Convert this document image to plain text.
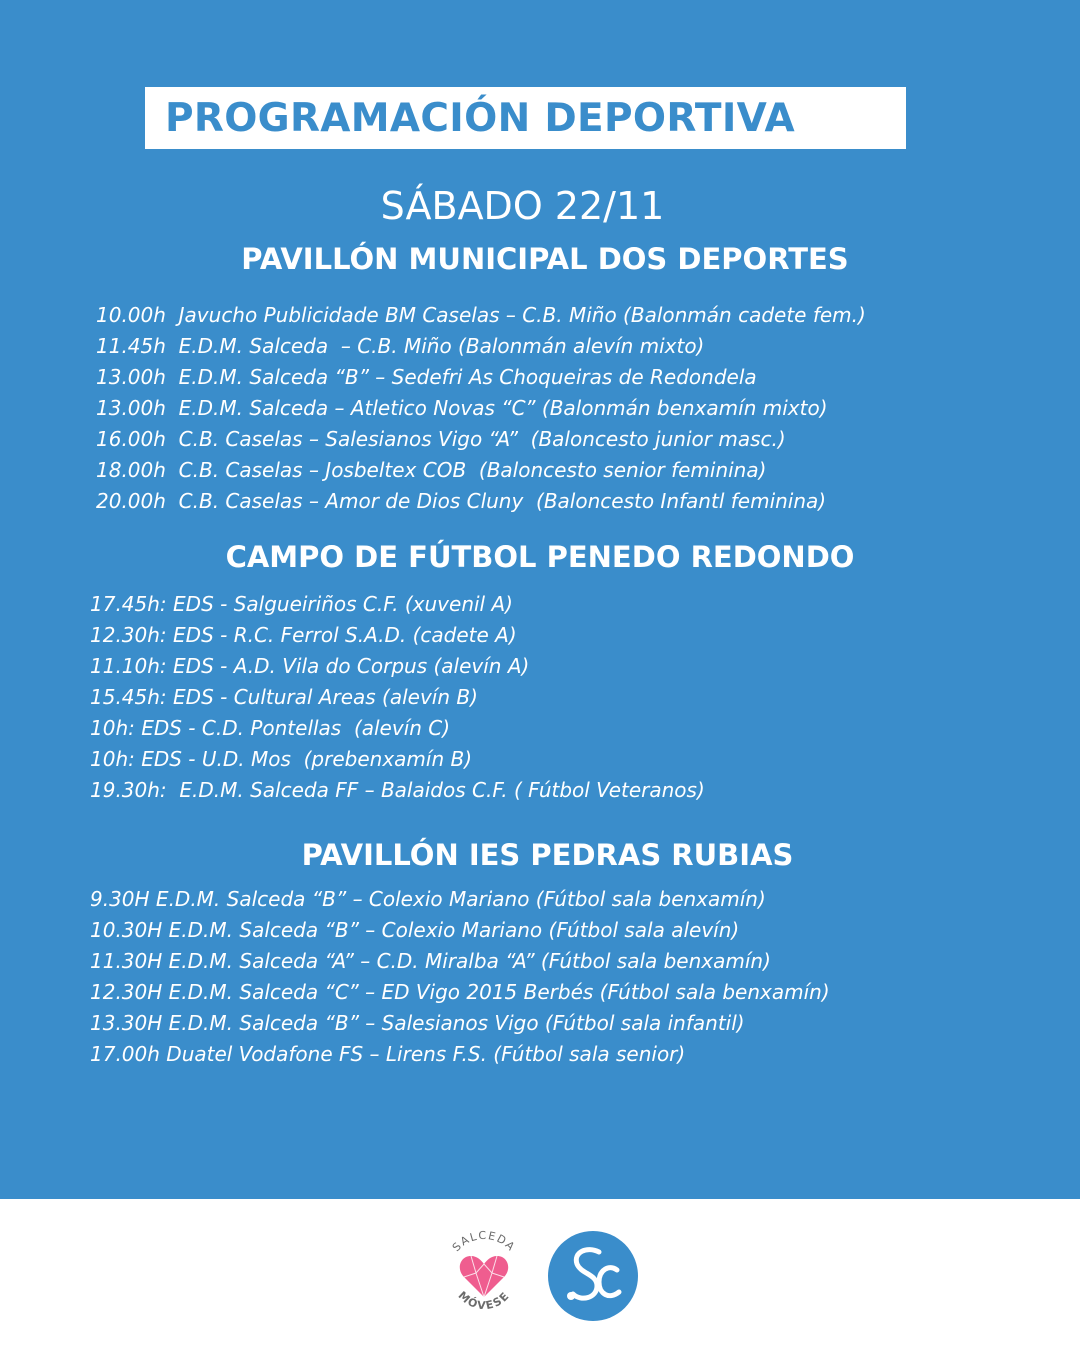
PROGRAMACIÓN DEPORTIVA
SÁBADO 22/11
PAVILLÓN MUNICIPAL DOS DEPORTES
10.00h  Javucho Publicidade BM Caselas – C.B. Miño (Balonmán cadete fem.)
11.45h  E.D.M. Salceda  – C.B. Miño (Balonmán alevín mixto)
13.00h  E.D.M. Salceda “B” – Sedefri As Choqueiras de Redondela
13.00h  E.D.M. Salceda – Atletico Novas “C” (Balonmán benxamín mixto)
16.00h  C.B. Caselas – Salesianos Vigo “A”  (Baloncesto junior masc.)
18.00h  C.B. Caselas – Josbeltex COB  (Baloncesto senior feminina)
20.00h  C.B. Caselas – Amor de Dios Cluny  (Baloncesto Infantl feminina)
CAMPO DE FÚTBOL PENEDO REDONDO
17.45h: EDS - Salgueiriños C.F. (xuvenil A)
12.30h: EDS - R.C. Ferrol S.A.D. (cadete A)
11.10h: EDS - A.D. Vila do Corpus (alevín A)
15.45h: EDS - Cultural Areas (alevín B)
10h: EDS - C.D. Pontellas  (alevín C)
10h: EDS - U.D. Mos  (prebenxamín B)
19.30h:  E.D.M. Salceda FF – Balaidos C.F. ( Fútbol Veteranos)
PAVILLÓN IES PEDRAS RUBIAS
9.30H E.D.M. Salceda “B” – Colexio Mariano (Fútbol sala benxamín)
10.30H E.D.M. Salceda “B” – Colexio Mariano (Fútbol sala alevín)
11.30H E.D.M. Salceda “A” – C.D. Miralba “A” (Fútbol sala benxamín)
12.30H E.D.M. Salceda “C” – ED Vigo 2015 Berbés (Fútbol sala benxamín)
13.30H E.D.M. Salceda “B” – Salesianos Vigo (Fútbol sala infantil)
17.00h Duatel Vodafone FS – Lirens F.S. (Fútbol sala senior)
SALCEDA
MÓVESE
